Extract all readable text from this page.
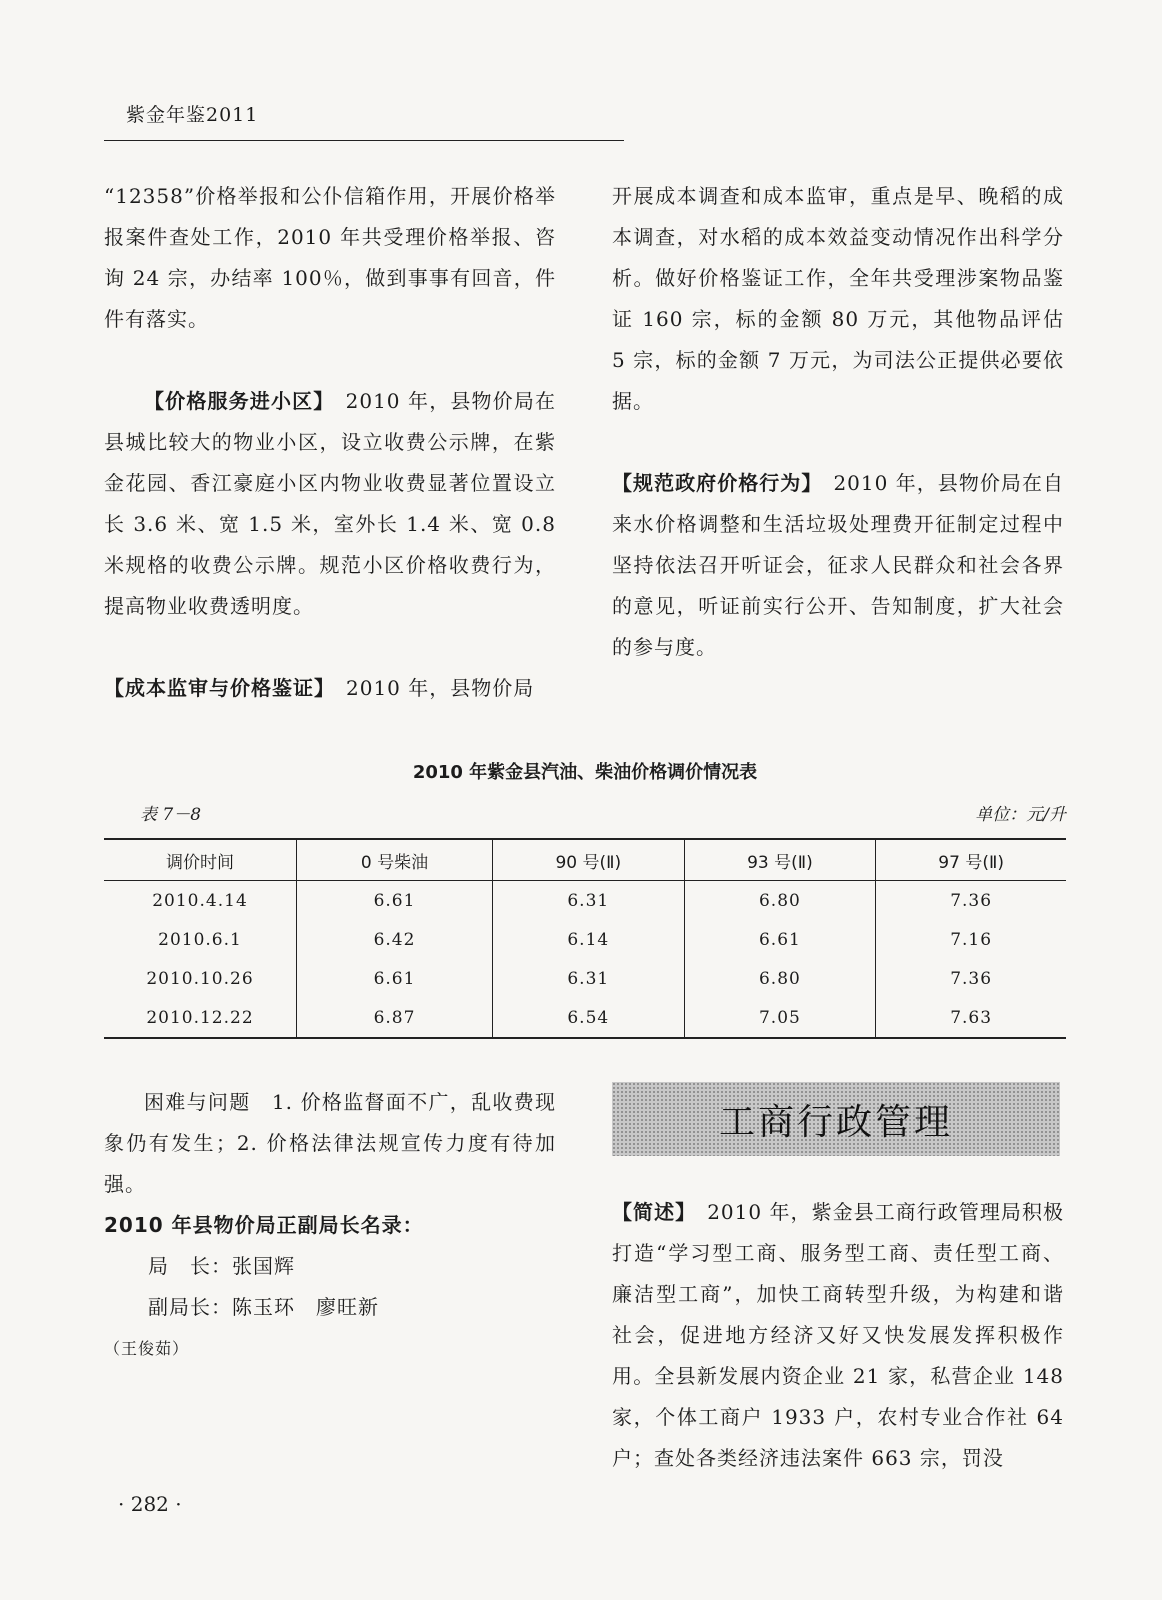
紫金年鉴2011

“12358”价格举报和公仆信箱作用，开展价格举报案件查处工作，2010 年共受理价格举报、咨询 24 宗，办结率 100％，做到事事有回音，件件有落实。

【价格服务进小区】　 2010 年，县物价局在县城比较大的物业小区，设立收费公示牌，在紫金花园、香江豪庭小区内物业收费显著位置设立长 3.6 米、宽 1.5 米，室外长 1.4 米、宽 0.8 米规格的收费公示牌。规范小区价格收费行为，提高物业收费透明度。

【成本监审与价格鉴证】　 2010 年，县物价局

开展成本调查和成本监审，重点是早、晚稻的成本调查，对水稻的成本效益变动情况作出科学分析。做好价格鉴证工作，全年共受理涉案物品鉴证 160 宗，标的金额 80 万元，其他物品评估 5 宗，标的金额 7 万元，为司法公正提供必要依据。

【规范政府价格行为】　 2010 年，县物价局在自来水价格调整和生活垃圾处理费开征制定过程中坚持依法召开听证会，征求人民群众和社会各界的意见，听证前实行公开、告知制度，扩大社会的参与度。

2010 年紫金县汽油、柴油价格调价情况表
表 7－8	单位：元/升
调价时间	0 号柴油	90 号(Ⅱ)	93 号(Ⅱ)	97 号(Ⅱ)
2010.4.14	6.61	6.31	6.80	7.36
2010.6.1	6.42	6.14	6.61	7.16
2010.10.26	6.61	6.31	6.80	7.36
2010.12.22	6.87	6.54	7.05	7.63

困难与问题　 1. 价格监督面不广，乱收费现象仍有发生；2. 价格法律法规宣传力度有待加强。

2010 年县物价局正副局长名录：

局　长：张国辉

副局长：陈玉环　廖旺新

（王俊茹）

工商行政管理

【简述】　 2010 年，紫金县工商行政管理局积极打造“学习型工商、服务型工商、责任型工商、廉洁型工商”，加快工商转型升级，为构建和谐社会，促进地方经济又好又快发展发挥积极作用。全县新发展内资企业 21 家，私营企业 148 家，个体工商户 1933 户，农村专业合作社 64 户；查处各类经济违法案件 663 宗，罚没

· 282 ·
